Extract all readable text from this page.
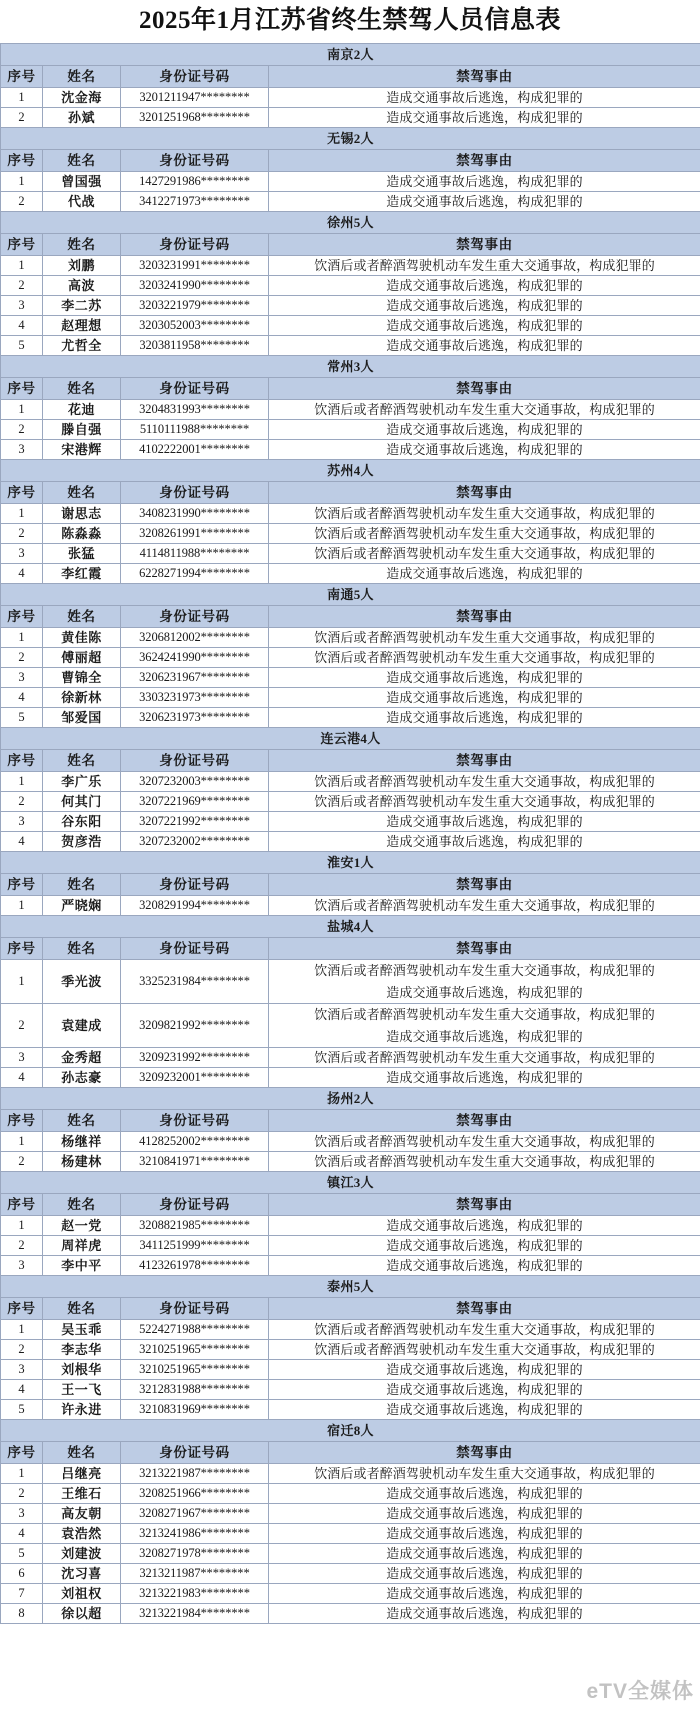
2025年1月江苏省终生禁驾人员信息表
南京2人			
序号	姓名	身份证号码	禁驾事由
1	沈金海	3201211947********	造成交通事故后逃逸，构成犯罪的

2	孙斌	3201251968********	造成交通事故后逃逸，构成犯罪的

无锡2人			
序号	姓名	身份证号码	禁驾事由
1	曾国强	1427291986********	造成交通事故后逃逸，构成犯罪的

2	代战	3412271973********	造成交通事故后逃逸，构成犯罪的

徐州5人			
序号	姓名	身份证号码	禁驾事由
1	刘鹏	3203231991********	饮酒后或者醉酒驾驶机动车发生重大交通事故，构成犯罪的

2	高波	3203241990********	造成交通事故后逃逸，构成犯罪的

3	李二苏	3203221979********	造成交通事故后逃逸，构成犯罪的

4	赵理想	3203052003********	造成交通事故后逃逸，构成犯罪的

5	尤哲全	3203811958********	造成交通事故后逃逸，构成犯罪的

常州3人			
序号	姓名	身份证号码	禁驾事由
1	花迪	3204831993********	饮酒后或者醉酒驾驶机动车发生重大交通事故，构成犯罪的

2	滕自强	5110111988********	造成交通事故后逃逸，构成犯罪的

3	宋港辉	4102222001********	造成交通事故后逃逸，构成犯罪的

苏州4人			
序号	姓名	身份证号码	禁驾事由
1	谢思志	3408231990********	饮酒后或者醉酒驾驶机动车发生重大交通事故，构成犯罪的

2	陈淼淼	3208261991********	饮酒后或者醉酒驾驶机动车发生重大交通事故，构成犯罪的

3	张猛	4114811988********	饮酒后或者醉酒驾驶机动车发生重大交通事故，构成犯罪的

4	李红霞	6228271994********	造成交通事故后逃逸，构成犯罪的

南通5人			
序号	姓名	身份证号码	禁驾事由
1	黄佳陈	3206812002********	饮酒后或者醉酒驾驶机动车发生重大交通事故，构成犯罪的

2	傅丽超	3624241990********	饮酒后或者醉酒驾驶机动车发生重大交通事故，构成犯罪的

3	曹锦全	3206231967********	造成交通事故后逃逸，构成犯罪的

4	徐新林	3303231973********	造成交通事故后逃逸，构成犯罪的

5	邹爱国	3206231973********	造成交通事故后逃逸，构成犯罪的

连云港4人			
序号	姓名	身份证号码	禁驾事由
1	李广乐	3207232003********	饮酒后或者醉酒驾驶机动车发生重大交通事故，构成犯罪的

2	何其门	3207221969********	饮酒后或者醉酒驾驶机动车发生重大交通事故，构成犯罪的

3	谷东阳	3207221992********	造成交通事故后逃逸，构成犯罪的

4	贺彦浩	3207232002********	造成交通事故后逃逸，构成犯罪的

淮安1人			
序号	姓名	身份证号码	禁驾事由
1	严晓娴	3208291994********	饮酒后或者醉酒驾驶机动车发生重大交通事故，构成犯罪的

盐城4人			
序号	姓名	身份证号码	禁驾事由
1	季光波	3325231984********	饮酒后或者醉酒驾驶机动车发生重大交通事故，构成犯罪的
造成交通事故后逃逸，构成犯罪的

2	袁建成	3209821992********	饮酒后或者醉酒驾驶机动车发生重大交通事故，构成犯罪的
造成交通事故后逃逸，构成犯罪的

3	金秀超	3209231992********	饮酒后或者醉酒驾驶机动车发生重大交通事故，构成犯罪的

4	孙志豪	3209232001********	造成交通事故后逃逸，构成犯罪的

扬州2人			
序号	姓名	身份证号码	禁驾事由
1	杨继祥	4128252002********	饮酒后或者醉酒驾驶机动车发生重大交通事故，构成犯罪的

2	杨建林	3210841971********	饮酒后或者醉酒驾驶机动车发生重大交通事故，构成犯罪的

镇江3人			
序号	姓名	身份证号码	禁驾事由
1	赵一党	3208821985********	造成交通事故后逃逸，构成犯罪的

2	周祥虎	3411251999********	造成交通事故后逃逸，构成犯罪的

3	李中平	4123261978********	造成交通事故后逃逸，构成犯罪的

泰州5人			
序号	姓名	身份证号码	禁驾事由
1	吴玉乖	5224271988********	饮酒后或者醉酒驾驶机动车发生重大交通事故，构成犯罪的

2	李志华	3210251965********	饮酒后或者醉酒驾驶机动车发生重大交通事故，构成犯罪的

3	刘根华	3210251965********	造成交通事故后逃逸，构成犯罪的

4	王一飞	3212831988********	造成交通事故后逃逸，构成犯罪的

5	许永进	3210831969********	造成交通事故后逃逸，构成犯罪的

宿迁8人			
序号	姓名	身份证号码	禁驾事由
1	吕继亮	3213221987********	饮酒后或者醉酒驾驶机动车发生重大交通事故，构成犯罪的

2	王维石	3208251966********	造成交通事故后逃逸，构成犯罪的

3	高友朝	3208271967********	造成交通事故后逃逸，构成犯罪的

4	袁浩然	3213241986********	造成交通事故后逃逸，构成犯罪的

5	刘建波	3208271978********	造成交通事故后逃逸，构成犯罪的

6	沈习喜	3213211987********	造成交通事故后逃逸，构成犯罪的

7	刘祖权	3213221983********	造成交通事故后逃逸，构成犯罪的

8	徐以超	3213221984********	造成交通事故后逃逸，构成犯罪的
eTV全媒体
